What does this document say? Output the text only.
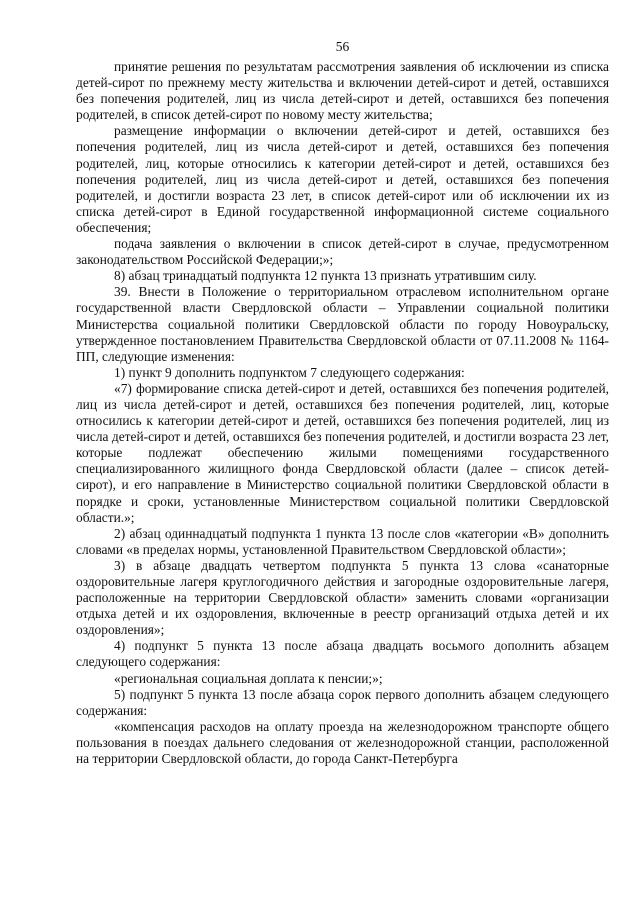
56

принятие решения по результатам рассмотрения заявления об исключении из списка детей-сирот по прежнему месту жительства и включении детей-сирот и детей, оставшихся без попечения родителей, лиц из числа детей-сирот и детей, оставшихся без попечения родителей, в список детей-сирот по новому месту жительства;

размещение информации о включении детей-сирот и детей, оставшихся без попечения родителей, лиц из числа детей-сирот и детей, оставшихся без попечения родителей, лиц, которые относились к категории детей-сирот и детей, оставшихся без попечения родителей, лиц из числа детей-сирот и детей, оставшихся без попечения родителей, и достигли возраста 23 лет, в список детей-сирот или об исключении их из списка детей-сирот в Единой государственной информационной системе социального обеспечения;

подача заявления о включении в список детей-сирот в случае, предусмотренном законодательством Российской Федерации;»;

8) абзац тринадцатый подпункта 12 пункта 13 признать утратившим силу.

39. Внести в Положение о территориальном отраслевом исполнительном органе государственной власти Свердловской области – Управлении социальной политики Министерства социальной политики Свердловской области по городу Новоуральску, утвержденное постановлением Правительства Свердловской области от 07.11.2008 № 1164-ПП, следующие изменения:

1) пункт 9 дополнить подпунктом 7 следующего содержания:

«7) формирование списка детей-сирот и детей, оставшихся без попечения родителей, лиц из числа детей-сирот и детей, оставшихся без попечения родителей, лиц, которые относились к категории детей-сирот и детей, оставшихся без попечения родителей, лиц из числа детей-сирот и детей, оставшихся без попечения родителей, и достигли возраста 23 лет, которые подлежат обеспечению жилыми помещениями государственного специализированного жилищного фонда Свердловской области (далее – список детей-сирот), и его направление в Министерство социальной политики Свердловской области в порядке и сроки, установленные Министерством социальной политики Свердловской области.»;

2) абзац одиннадцатый подпункта 1 пункта 13 после слов «категории «В» дополнить словами «в пределах нормы, установленной Правительством Свердловской области»;

3) в абзаце двадцать четвертом подпункта 5 пункта 13 слова «санаторные оздоровительные лагеря круглогодичного действия и загородные оздоровительные лагеря, расположенные на территории Свердловской области» заменить словами «организации отдыха детей и их оздоровления, включенные в реестр организаций отдыха детей и их оздоровления»;

4) подпункт 5 пункта 13 после абзаца двадцать восьмого дополнить абзацем следующего содержания:

«региональная социальная доплата к пенсии;»;

5) подпункт 5 пункта 13 после абзаца сорок первого дополнить абзацем следующего содержания:

«компенсация расходов на оплату проезда на железнодорожном транспорте общего пользования в поездах дальнего следования от железнодорожной станции, расположенной на территории Свердловской области, до города Санкт-Петербурга
